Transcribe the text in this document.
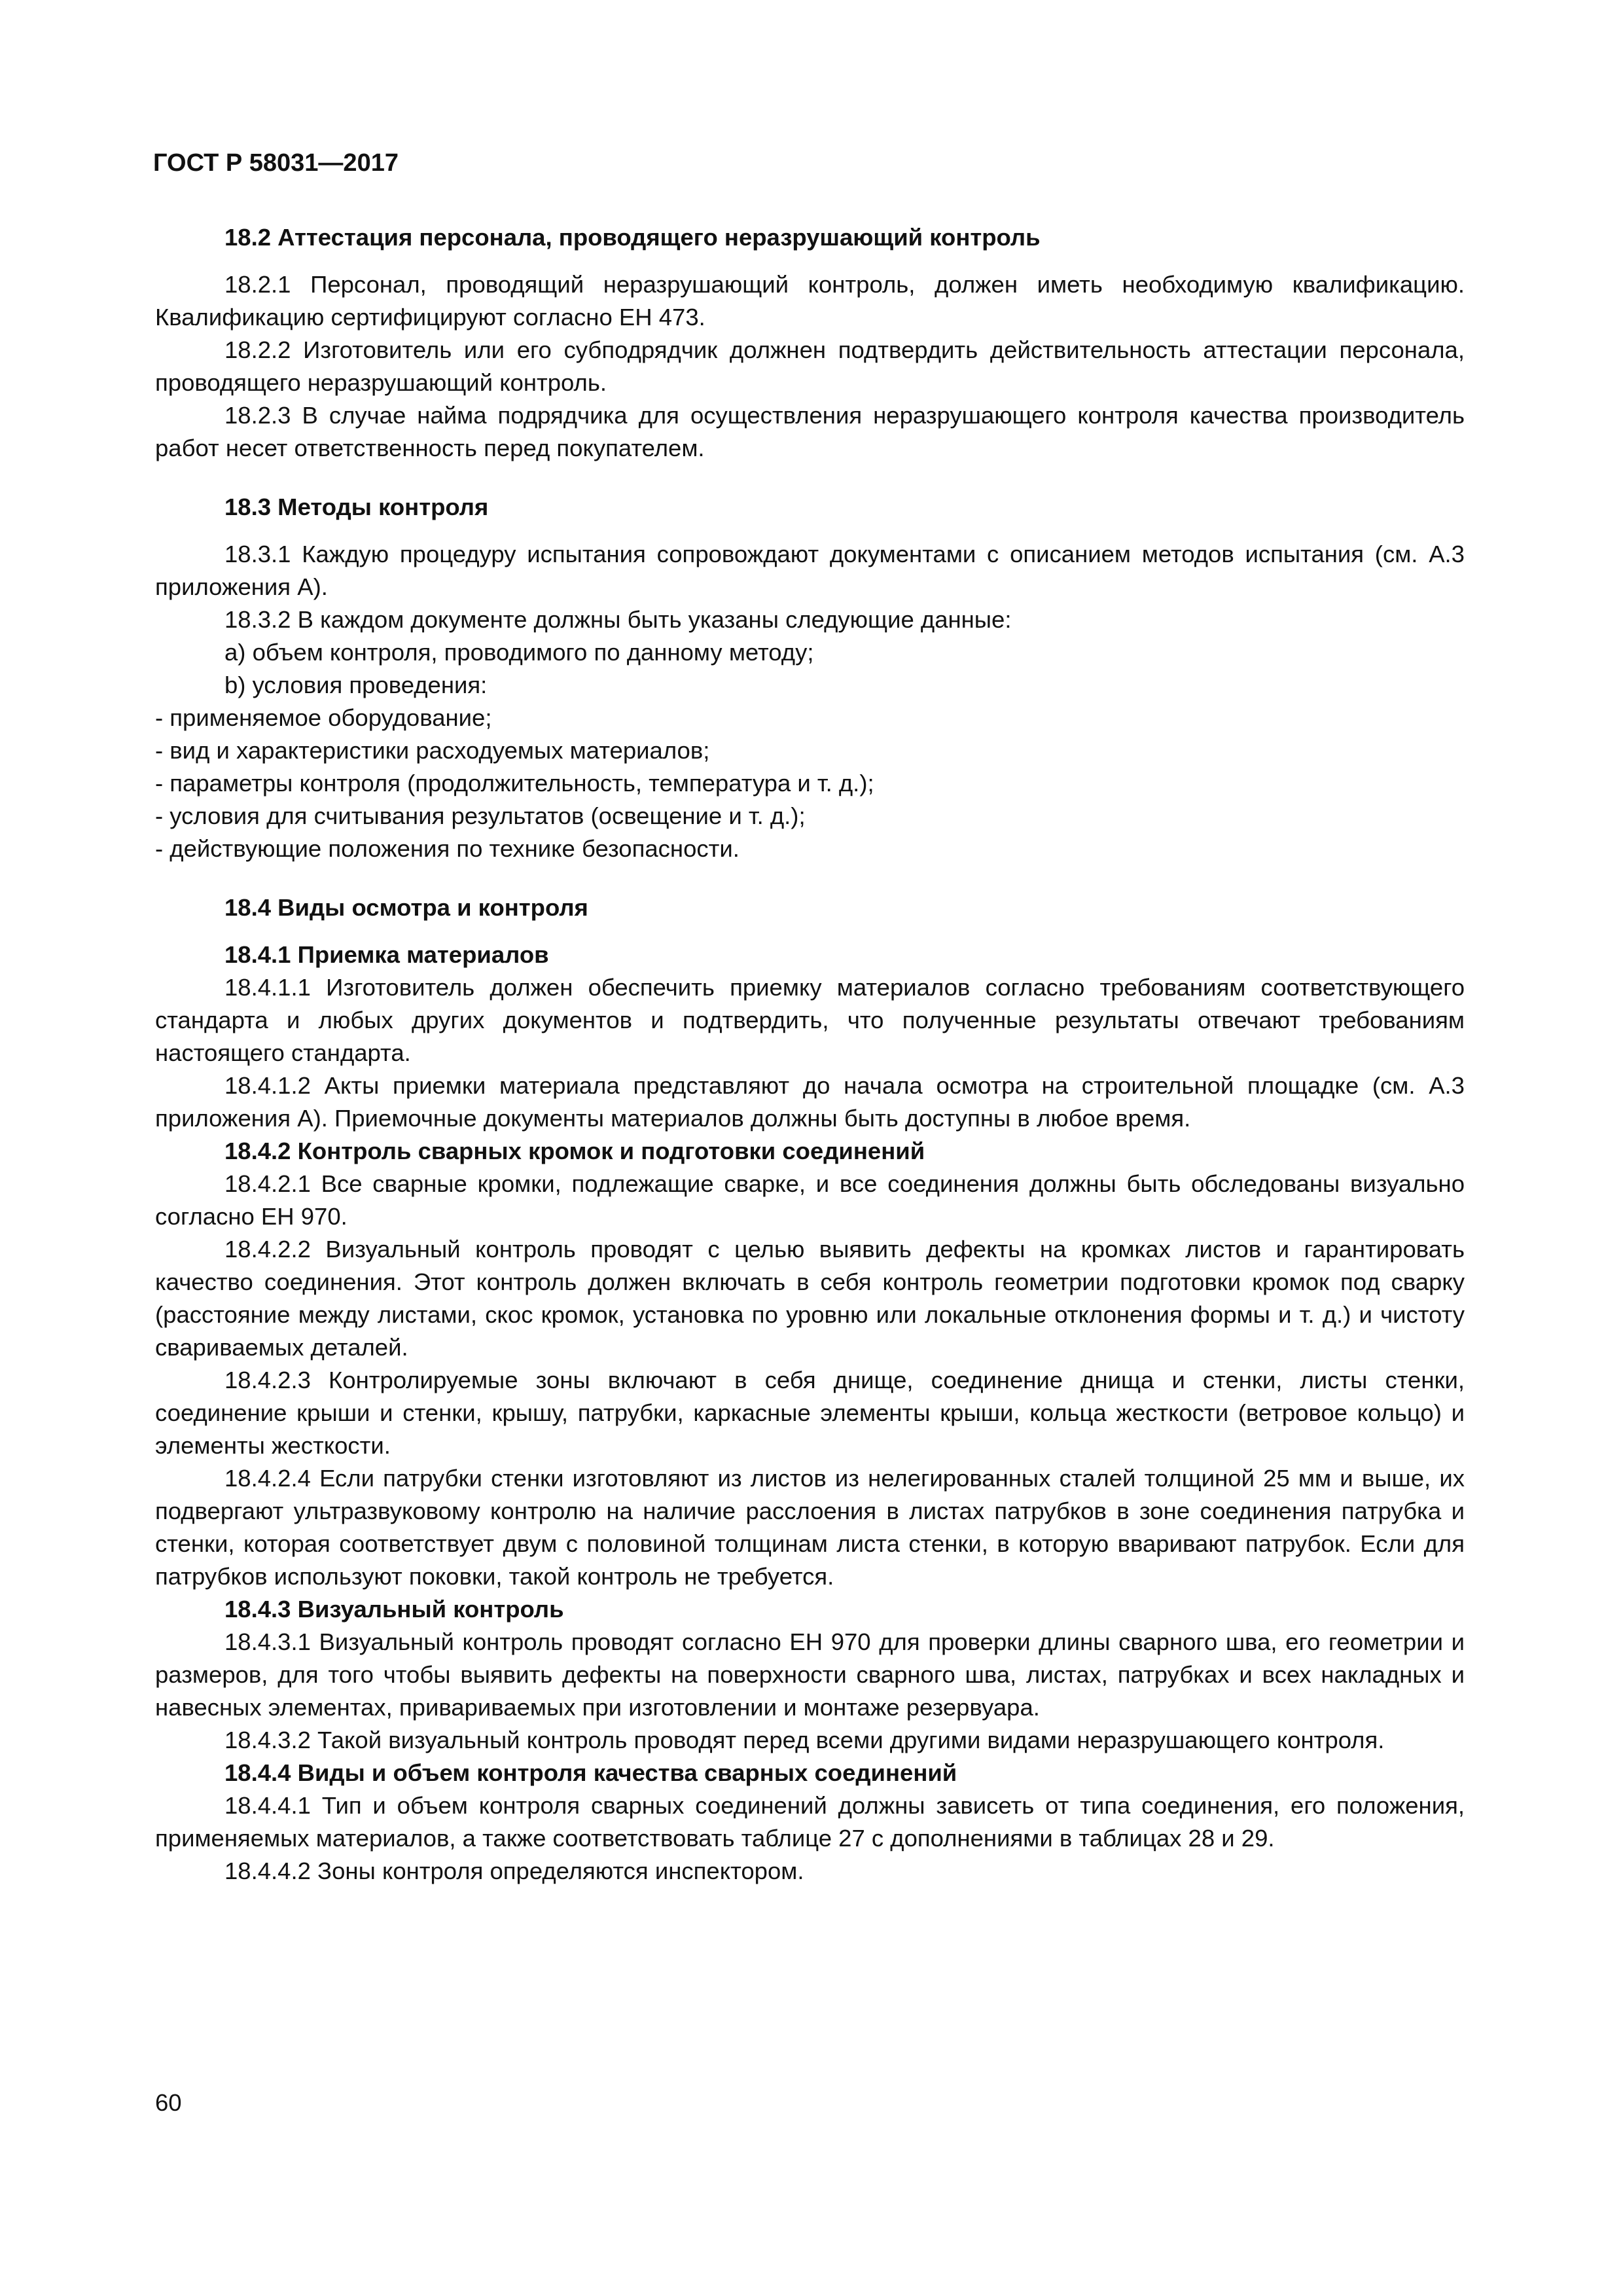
ГОСТ Р 58031—2017

18.2 Аттестация персонала, проводящего неразрушающий контроль

18.2.1 Персонал, проводящий неразрушающий контроль, должен иметь необходимую квалификацию. Квалификацию сертифицируют согласно ЕН 473.

18.2.2 Изготовитель или его субподрядчик должнен подтвердить действительность аттестации персонала, проводящего неразрушающий контроль.

18.2.3 В случае найма подрядчика для осуществления неразрушающего контроля качества производитель работ несет ответственность перед покупателем.

18.3 Методы контроля

18.3.1 Каждую процедуру испытания сопровождают документами с описанием методов испытания (см. А.3 приложения А).

18.3.2 В каждом документе должны быть указаны следующие данные:

a) объем контроля, проводимого по данному методу;

b) условия проведения:

- применяемое оборудование;

- вид и характеристики расходуемых материалов;

- параметры контроля (продолжительность, температура и т. д.);

- условия для считывания результатов (освещение и т. д.);

- действующие положения по технике безопасности.

18.4 Виды осмотра и контроля

18.4.1 Приемка материалов

18.4.1.1 Изготовитель должен обеспечить приемку материалов согласно требованиям соответствующего стандарта и любых других документов и подтвердить, что полученные результаты отвечают требованиям настоящего стандарта.

18.4.1.2 Акты приемки материала представляют до начала осмотра на строительной площадке (см. А.3 приложения А). Приемочные документы материалов должны быть доступны в любое время.

18.4.2 Контроль сварных кромок и подготовки соединений

18.4.2.1 Все сварные кромки, подлежащие сварке, и все соединения должны быть обследованы визуально согласно ЕН 970.

18.4.2.2 Визуальный контроль проводят с целью выявить дефекты на кромках листов и гарантировать качество соединения. Этот контроль должен включать в себя контроль геометрии подготовки кромок под сварку (расстояние между листами, скос кромок, установка по уровню или локальные отклонения формы и т. д.) и чистоту свариваемых деталей.

18.4.2.3 Контролируемые зоны включают в себя днище, соединение днища и стенки, листы стенки, соединение крыши и стенки, крышу, патрубки, каркасные элементы крыши, кольца жесткости (ветровое кольцо) и элементы жесткости.

18.4.2.4 Если патрубки стенки изготовляют из листов из нелегированных сталей толщиной 25 мм и выше, их подвергают ультразвуковому контролю на наличие расслоения в листах патрубков в зоне соединения патрубка и стенки, которая соответствует двум с половиной толщинам листа стенки, в которую вваривают патрубок. Если для патрубков используют поковки, такой контроль не требуется.

18.4.3 Визуальный контроль

18.4.3.1 Визуальный контроль проводят согласно ЕН 970 для проверки длины сварного шва, его геометрии и размеров, для того чтобы выявить дефекты на поверхности сварного шва, листах, патрубках и всех накладных и навесных элементах, привариваемых при изготовлении и монтаже резервуара.

18.4.3.2 Такой визуальный контроль проводят перед всеми другими видами неразрушающего контроля.

18.4.4 Виды и объем контроля качества сварных соединений

18.4.4.1 Тип и объем контроля сварных соединений должны зависеть от типа соединения, его положения, применяемых материалов, а также соответствовать таблице 27 с дополнениями в таблицах 28 и 29.

18.4.4.2 Зоны контроля определяются инспектором.

60
